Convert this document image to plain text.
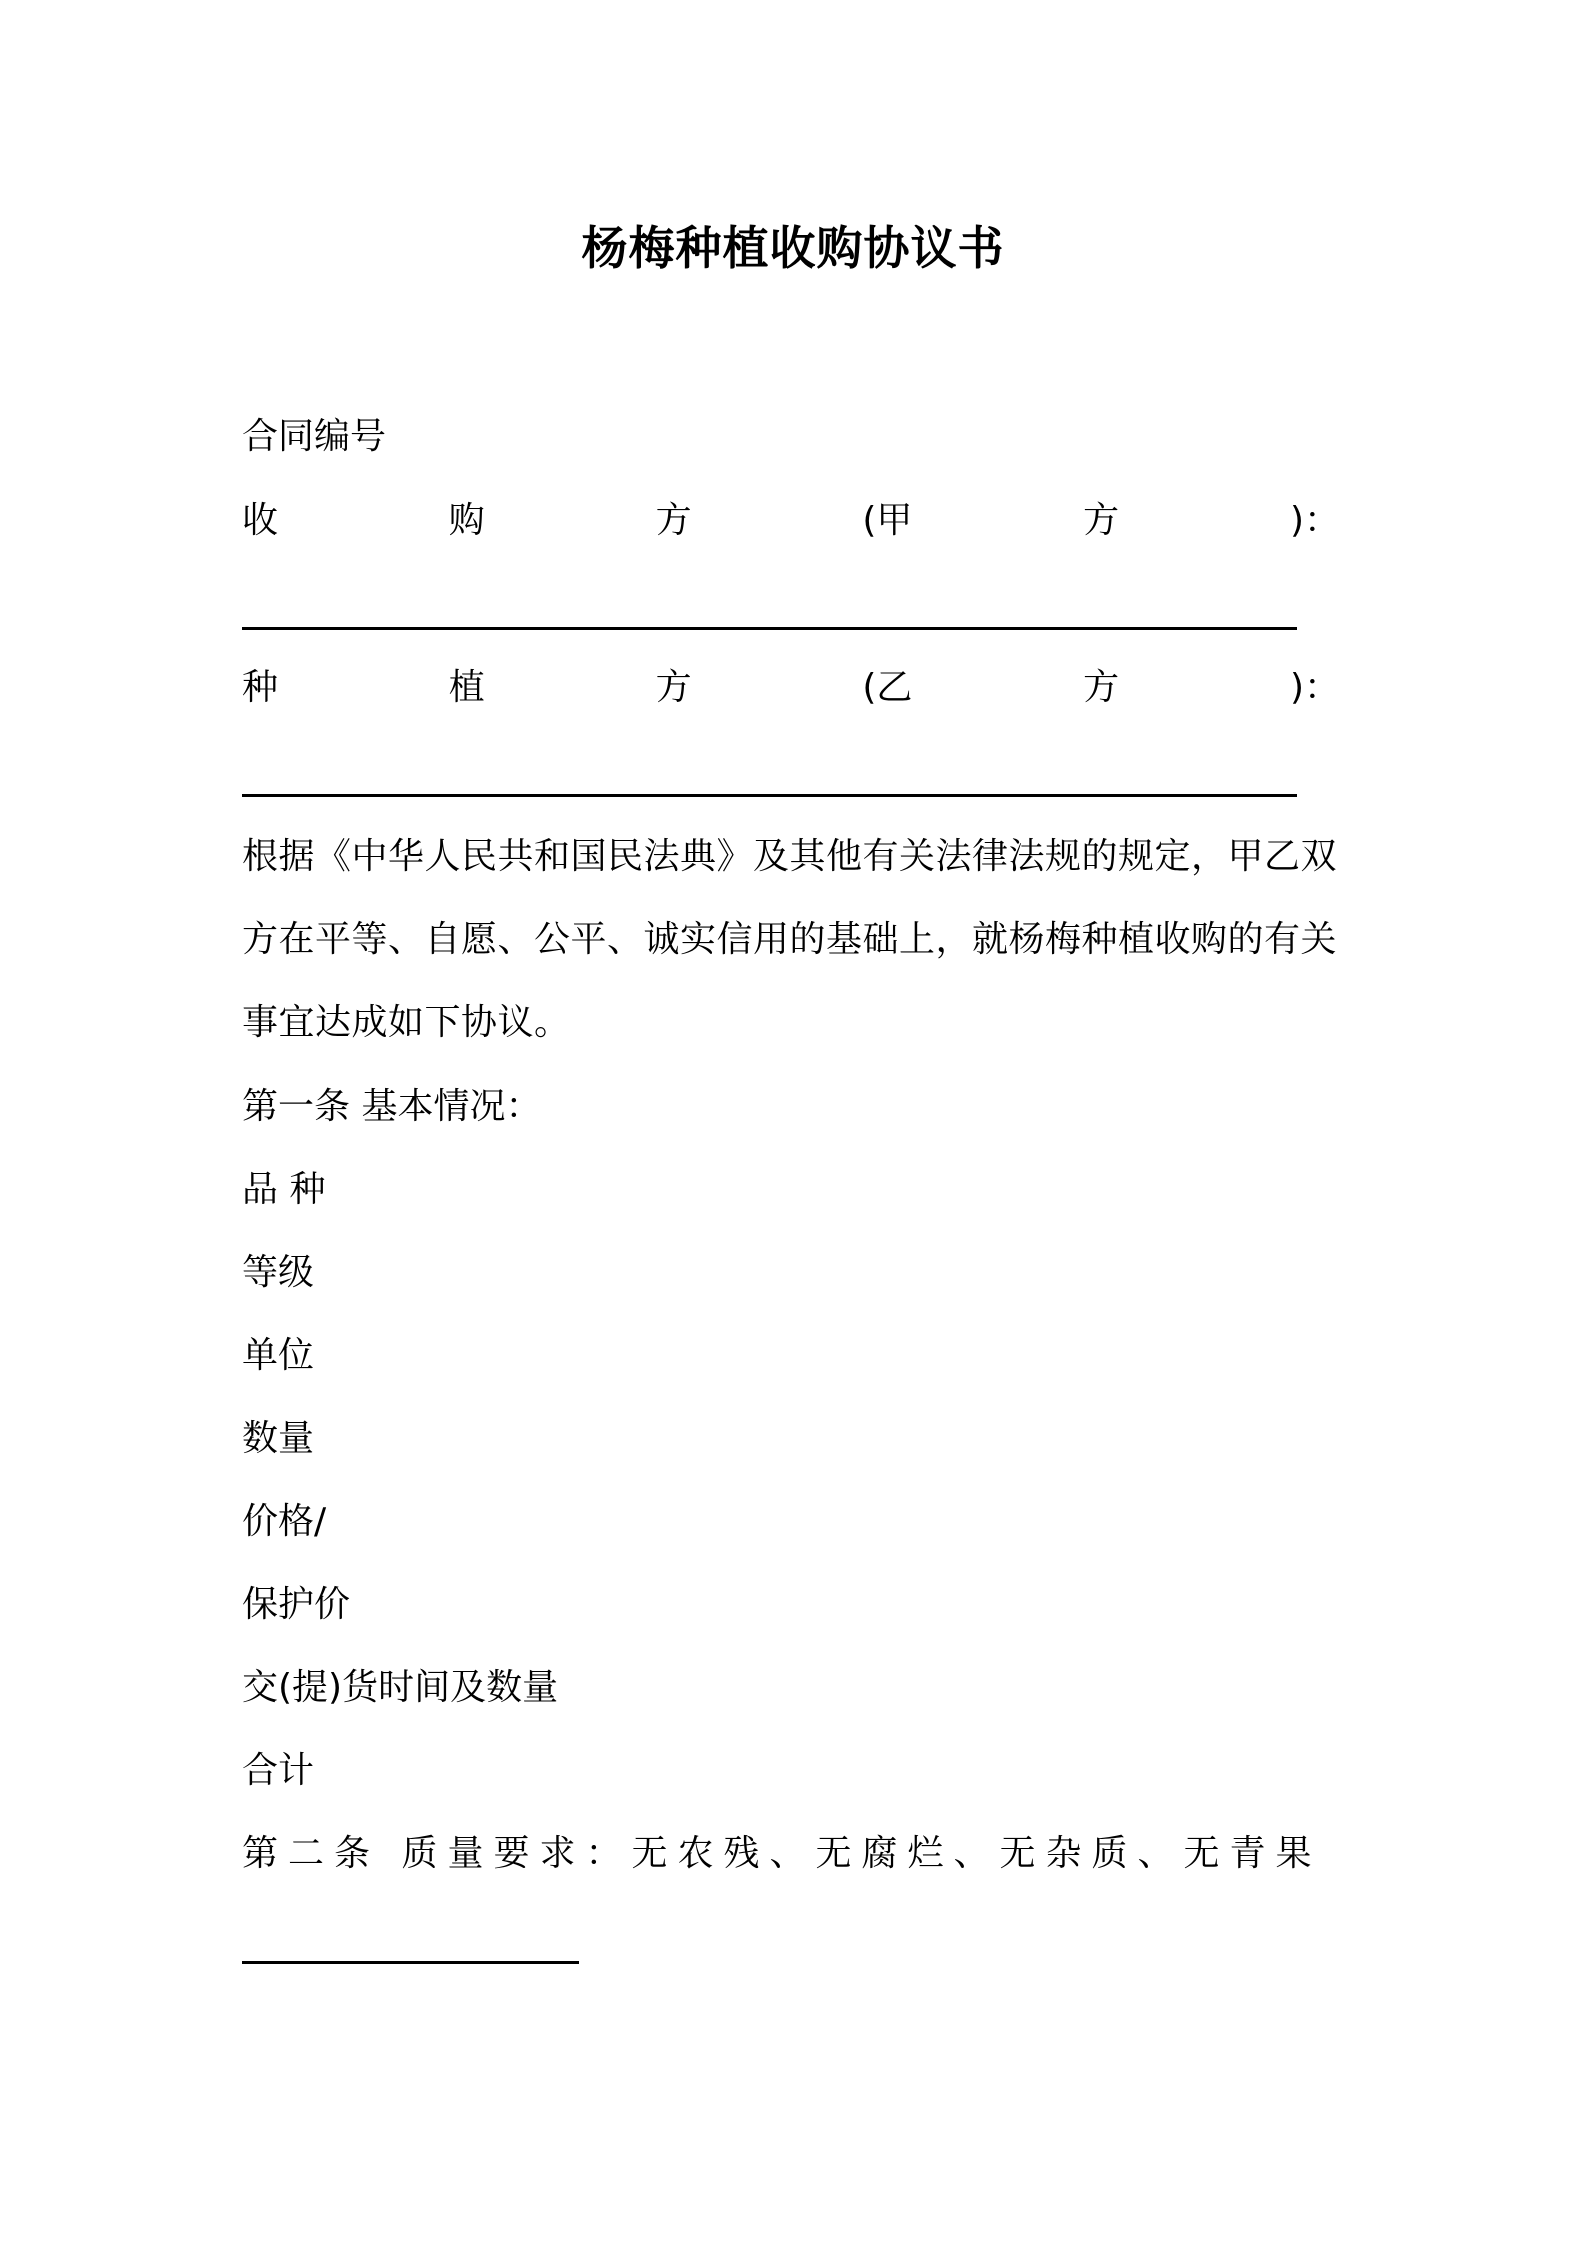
杨梅种植收购协议书
合同编号
收	购	方	(甲	方	)：
种	植	方	(乙	方	)：
根据《中华人民共和国民法典》及其他有关法律法规的规定，甲乙双方在平等、自愿、公平、诚实信用的基础上，就杨梅种植收购的有关事宜达成如下协议。
第一条 基本情况：
品 种
等级
单位
数量
价格/
保护价
交(提)货时间及数量
合计
第二条 质量要求：无农残、无腐烂、无杂质、无青果
